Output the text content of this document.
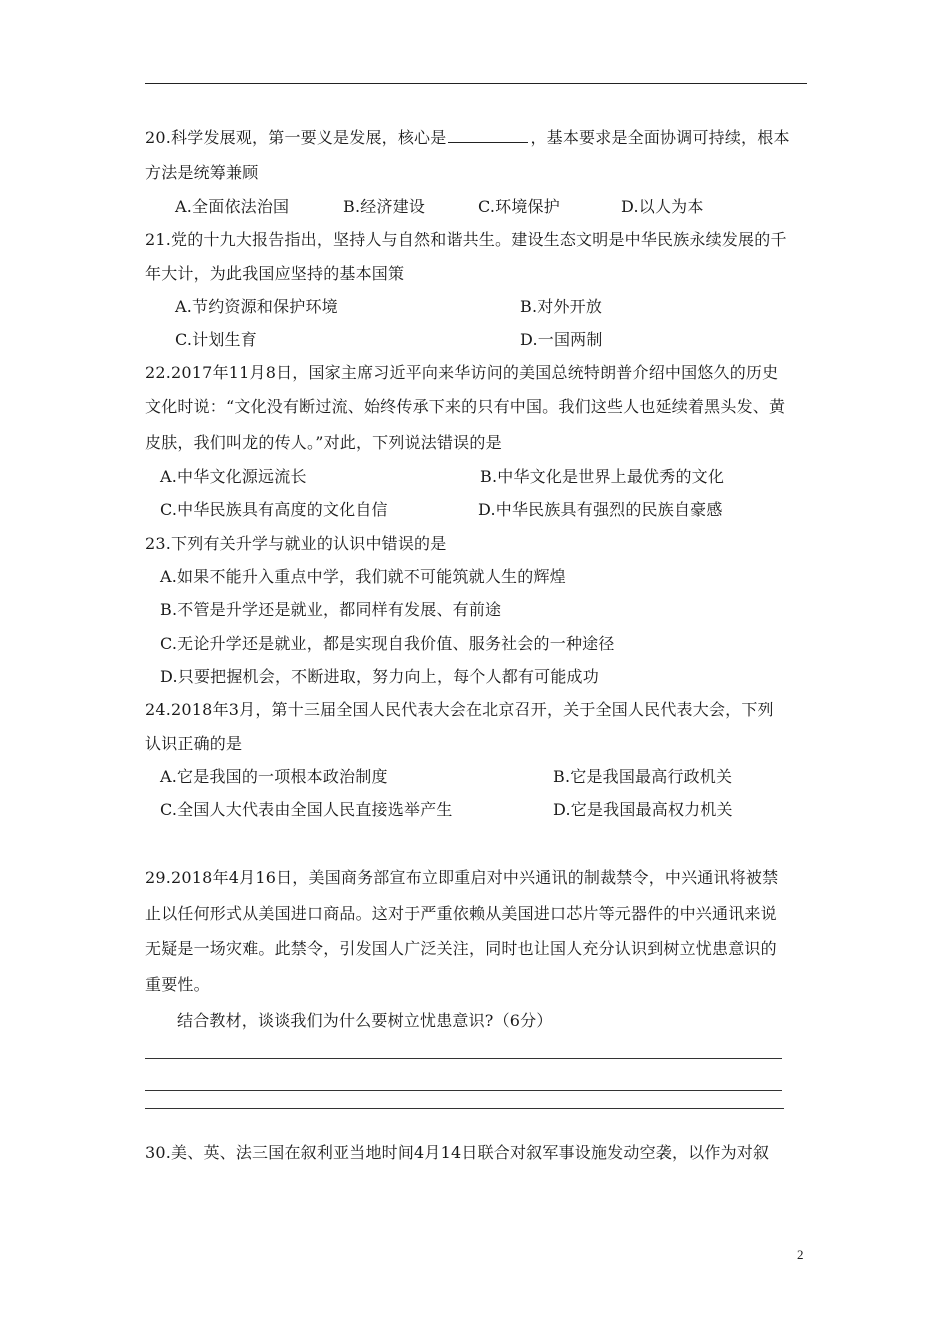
20.科学发展观，第一要义是发展，核心是	，基本要求是全面协调可持续，根本
方法是统筹兼顾
A.全面依法治国	B.经济建设	C.环境保护	D.以人为本
21.党的十九大报告指出，坚持人与自然和谐共生。建设生态文明是中华民族永续发展的千
年大计，为此我国应坚持的基本国策
A.节约资源和保护环境	B.对外开放
C.计划生育	D.一国两制
22.2017年11月8日，国家主席习近平向来华访问的美国总统特朗普介绍中国悠久的历史
文化时说：“文化没有断过流、始终传承下来的只有中国。我们这些人也延续着黑头发、黄
皮肤，我们叫龙的传人。”对此，下列说法错误的是
A.中华文化源远流长	B.中华文化是世界上最优秀的文化
C.中华民族具有高度的文化自信	D.中华民族具有强烈的民族自豪感
23.下列有关升学与就业的认识中错误的是
A.如果不能升入重点中学，我们就不可能筑就人生的辉煌
B.不管是升学还是就业，都同样有发展、有前途
C.无论升学还是就业，都是实现自我价值、服务社会的一种途径
D.只要把握机会，不断进取，努力向上，每个人都有可能成功
24.2018年3月，第十三届全国人民代表大会在北京召开，关于全国人民代表大会，下列
认识正确的是
A.它是我国的一项根本政治制度	B.它是我国最高行政机关
C.全国人大代表由全国人民直接选举产生	D.它是我国最高权力机关
29.2018年4月16日，美国商务部宣布立即重启对中兴通讯的制裁禁令，中兴通讯将被禁
止以任何形式从美国进口商品。这对于严重依赖从美国进口芯片等元器件的中兴通讯来说
无疑是一场灾难。此禁令，引发国人广泛关注，同时也让国人充分认识到树立忧患意识的
重要性。
结合教材，谈谈我们为什么要树立忧患意识?（6分）
30.美、英、法三国在叙利亚当地时间4月14日联合对叙军事设施发动空袭，以作为对叙
2
